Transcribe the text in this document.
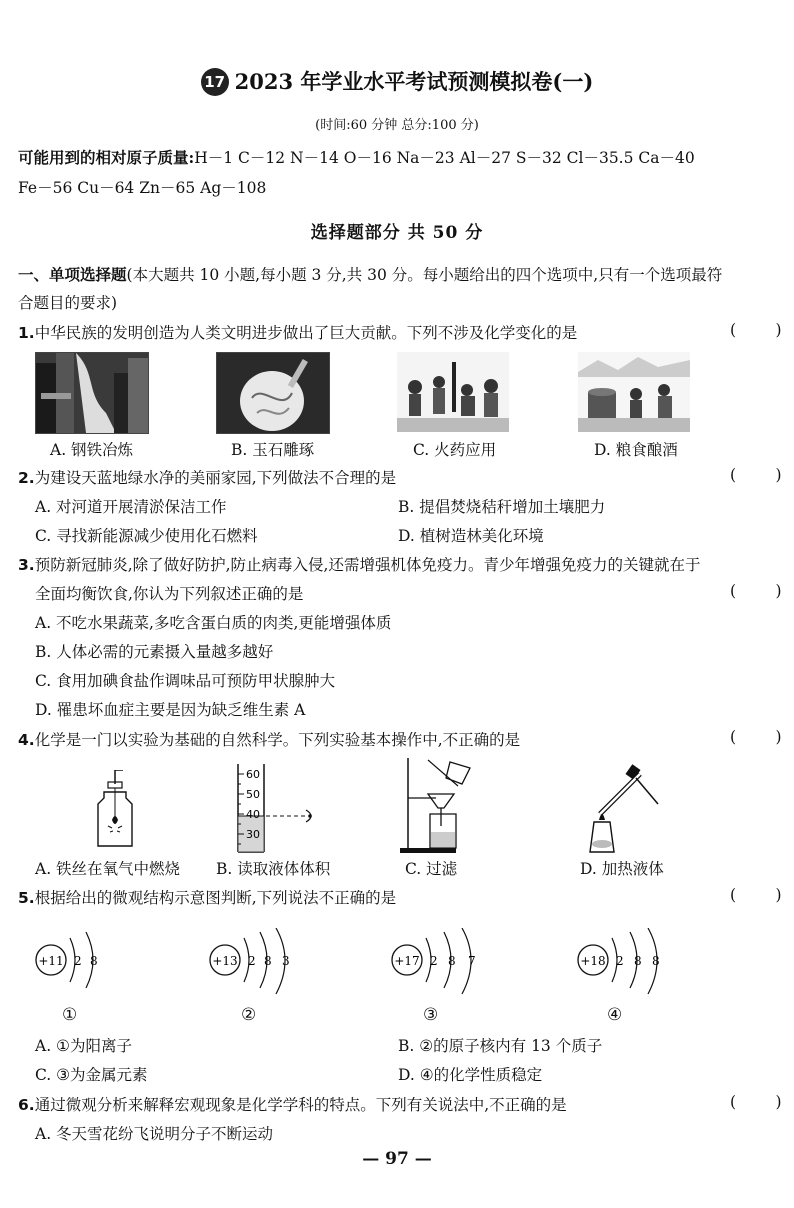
17 2023 年学业水平考试预测模拟卷(一)
(时间:60 分钟 总分:100 分)
可能用到的相对原子质量:H－1 C－12 N－14 O－16 Na－23 Al－27 S－32 Cl－35.5 Ca－40
Fe－56 Cu－64 Zn－65 Ag－108
选择题部分 共 50 分
一、单项选择题(本大题共 10 小题,每小题 3 分,共 30 分。每小题给出的四个选项中,只有一个选项最符
合题目的要求)
1.中华民族的发明创造为人类文明进步做出了巨大贡献。下列不涉及化学变化的是	(        )
A. 钢铁冶炼	B. 玉石雕琢	C. 火药应用	D. 粮食酿酒
2.为建设天蓝地绿水净的美丽家园,下列做法不合理的是	(        )
A. 对河道开展清淤保洁工作	B. 提倡焚烧秸秆增加土壤肥力
C. 寻找新能源减少使用化石燃料	D. 植树造林美化环境
3.预防新冠肺炎,除了做好防护,防止病毒入侵,还需增强机体免疫力。青少年增强免疫力的关键就在于
全面均衡饮食,你认为下列叙述正确的是	(        )
A. 不吃水果蔬菜,多吃含蛋白质的肉类,更能增强体质
B. 人体必需的元素摄入量越多越好
C. 食用加碘食盐作调味品可预防甲状腺肿大
D. 罹患坏血症主要是因为缺乏维生素 A
4.化学是一门以实验为基础的自然科学。下列实验基本操作中,不正确的是	(        )
60
50
40
30
A. 铁丝在氧气中燃烧 B. 读取液体体积	C. 过滤	D. 加热液体
5.根据给出的微观结构示意图判断,下列说法不正确的是	(        )
+11 2 8	+13 2 8 3	+17 2 8 7	+18 2 8 8
①	②	③	④
A. ①为阳离子	B. ②的原子核内有 13 个质子
C. ③为金属元素	D. ④的化学性质稳定
6.通过微观分析来解释宏观现象是化学学科的特点。下列有关说法中,不正确的是	(        )
A. 冬天雪花纷飞说明分子不断运动
— 97 —
